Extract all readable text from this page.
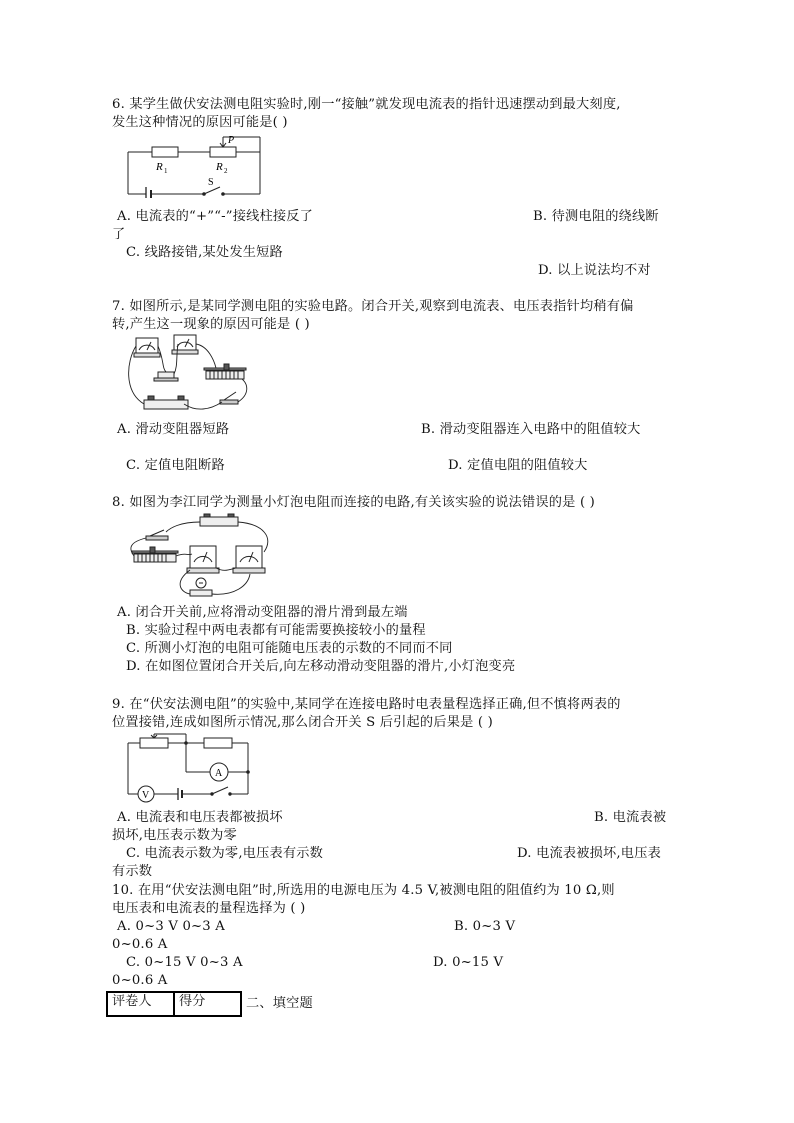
6. 某学生做伏安法测电阻实验时,刚一“接触”就发现电流表的指针迅速摆动到最大刻度,
发生这种情况的原因可能是( )
R 1	R 2
P
S
A. 电流表的“+”“-”接线柱接反了	B. 待测电阻的绕线断
了
C. 线路接错,某处发生短路
D. 以上说法均不对
7. 如图所示,是某同学测电阻的实验电路。闭合开关,观察到电流表、电压表指针均稍有偏
转,产生这一现象的原因可能是 ( )
A. 滑动变阻器短路	B. 滑动变阻器连入电路中的阻值较大
C. 定值电阻断路	D. 定值电阻的阻值较大
8. 如图为李江同学为测量小灯泡电阻而连接的电路,有关该实验的说法错误的是 ( )
A. 闭合开关前,应将滑动变阻器的滑片滑到最左端
B. 实验过程中两电表都有可能需要换接较小的量程
C. 所测小灯泡的电阻可能随电压表的示数的不同而不同
D. 在如图位置闭合开关后,向左移动滑动变阻器的滑片,小灯泡变亮
9. 在“伏安法测电阻”的实验中,某同学在连接电路时电表量程选择正确,但不慎将两表的
位置接错,连成如图所示情况,那么闭合开关 S 后引起的后果是 ( )
V
A
A. 电流表和电压表都被损坏	B. 电流表被
损坏,电压表示数为零
C. 电流表示数为零,电压表有示数	D. 电流表被损坏,电压表
有示数
10. 在用“伏安法测电阻”时,所选用的电源电压为 4.5 V,被测电阻的阻值约为 10 Ω,则
电压表和电流表的量程选择为 ( )
A. 0~3 V 0~3 A	B. 0~3 V
0~0.6 A
C. 0~15 V 0~3 A	D. 0~15 V
0~0.6 A
评卷人	得分	二、填空题
